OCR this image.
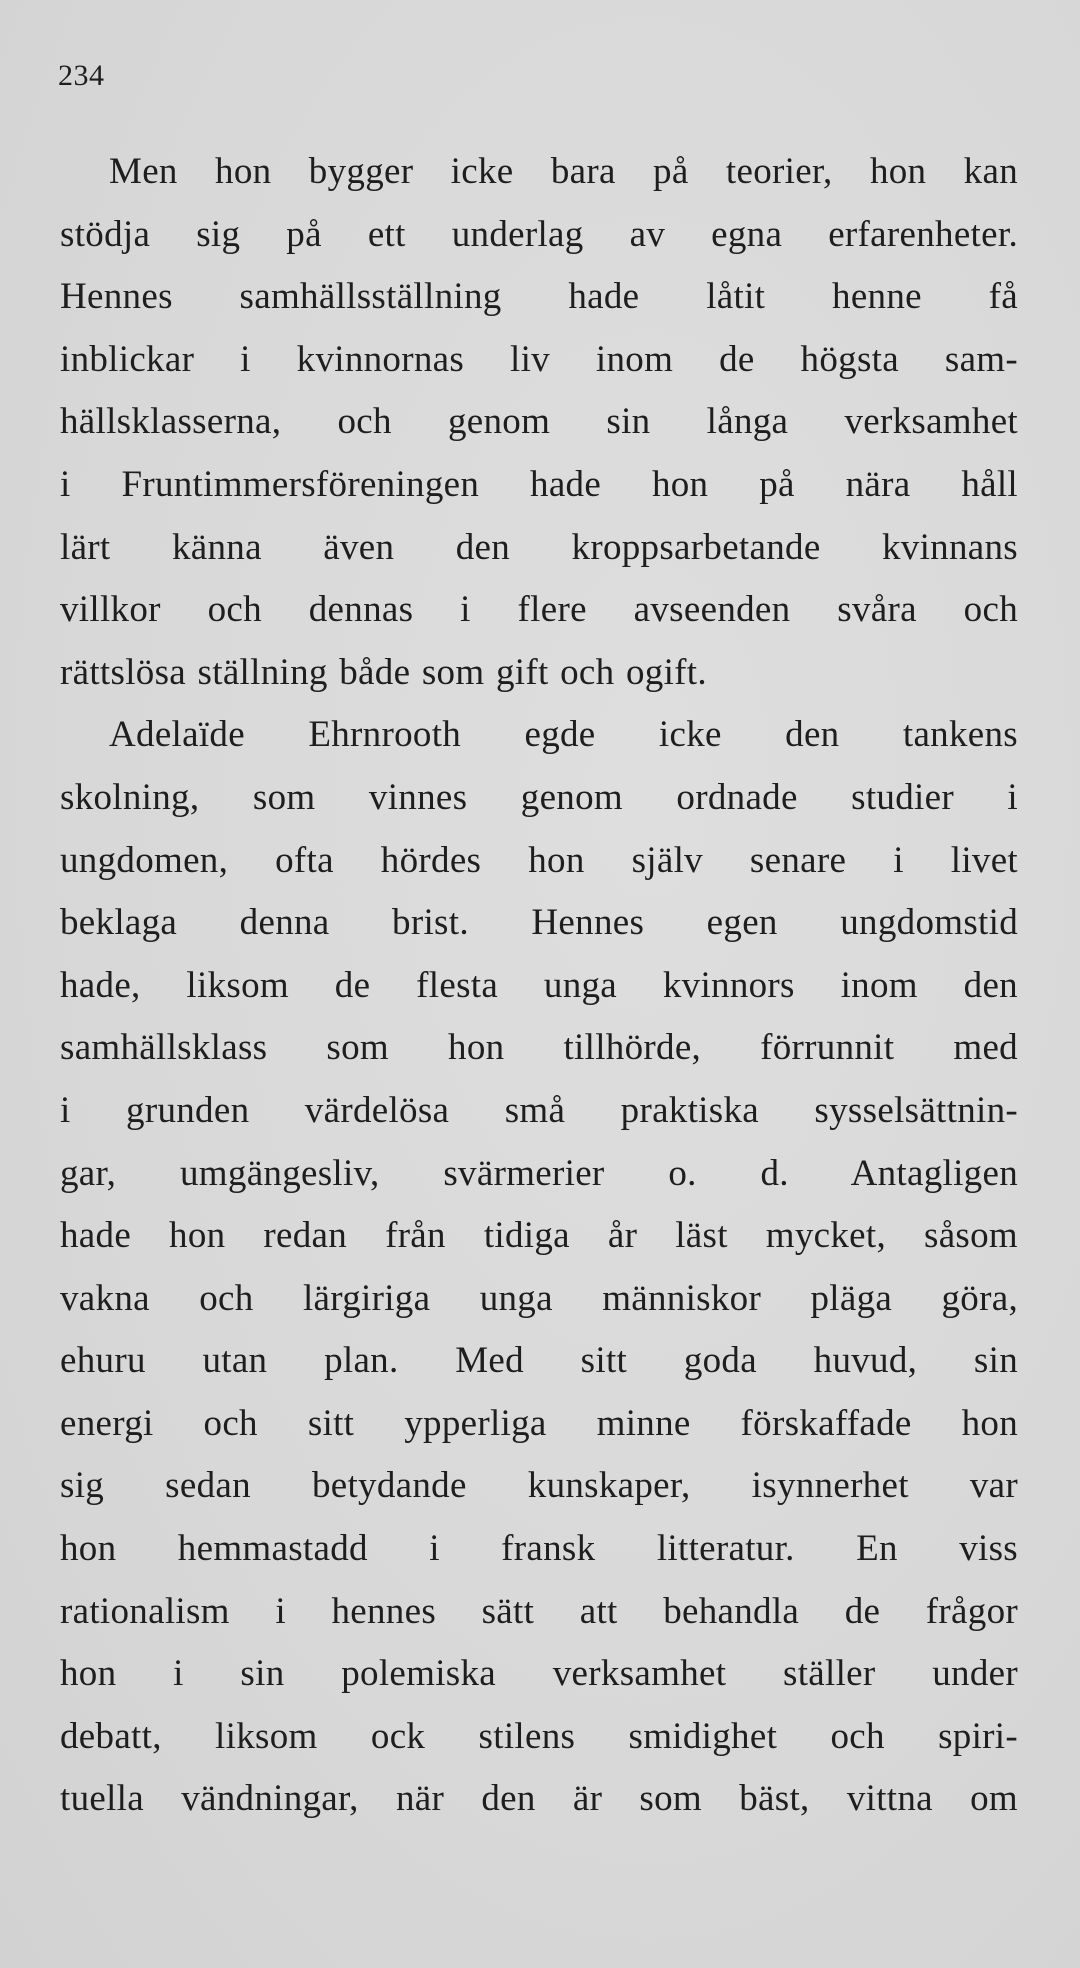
234
Men hon bygger icke bara på teorier, hon kan
stödja sig på ett underlag av egna erfarenheter.
Hennes samhällsställning hade låtit henne få
inblickar i kvinnornas liv inom de högsta sam-
hällsklasserna, och genom sin långa verksamhet
i Fruntimmersföreningen hade hon på nära håll
lärt känna även den kroppsarbetande kvinnans
villkor och dennas i flere avseenden svåra och
rättslösa ställning både som gift och ogift.
Adelaïde Ehrnrooth egde icke den tankens
skolning, som vinnes genom ordnade studier i
ungdomen, ofta hördes hon själv senare i livet
beklaga denna brist. Hennes egen ungdomstid
hade, liksom de flesta unga kvinnors inom den
samhällsklass som hon tillhörde, förrunnit med
i grunden värdelösa små praktiska sysselsättnin-
gar, umgängesliv, svärmerier o. d. Antagligen
hade hon redan från tidiga år läst mycket, såsom
vakna och lärgiriga unga människor pläga göra,
ehuru utan plan. Med sitt goda huvud, sin
energi och sitt ypperliga minne förskaffade hon
sig sedan betydande kunskaper, isynnerhet var
hon hemmastadd i fransk litteratur. En viss
rationalism i hennes sätt att behandla de frågor
hon i sin polemiska verksamhet ställer under
debatt, liksom ock stilens smidighet och spiri-
tuella vändningar, när den är som bäst, vittna om
